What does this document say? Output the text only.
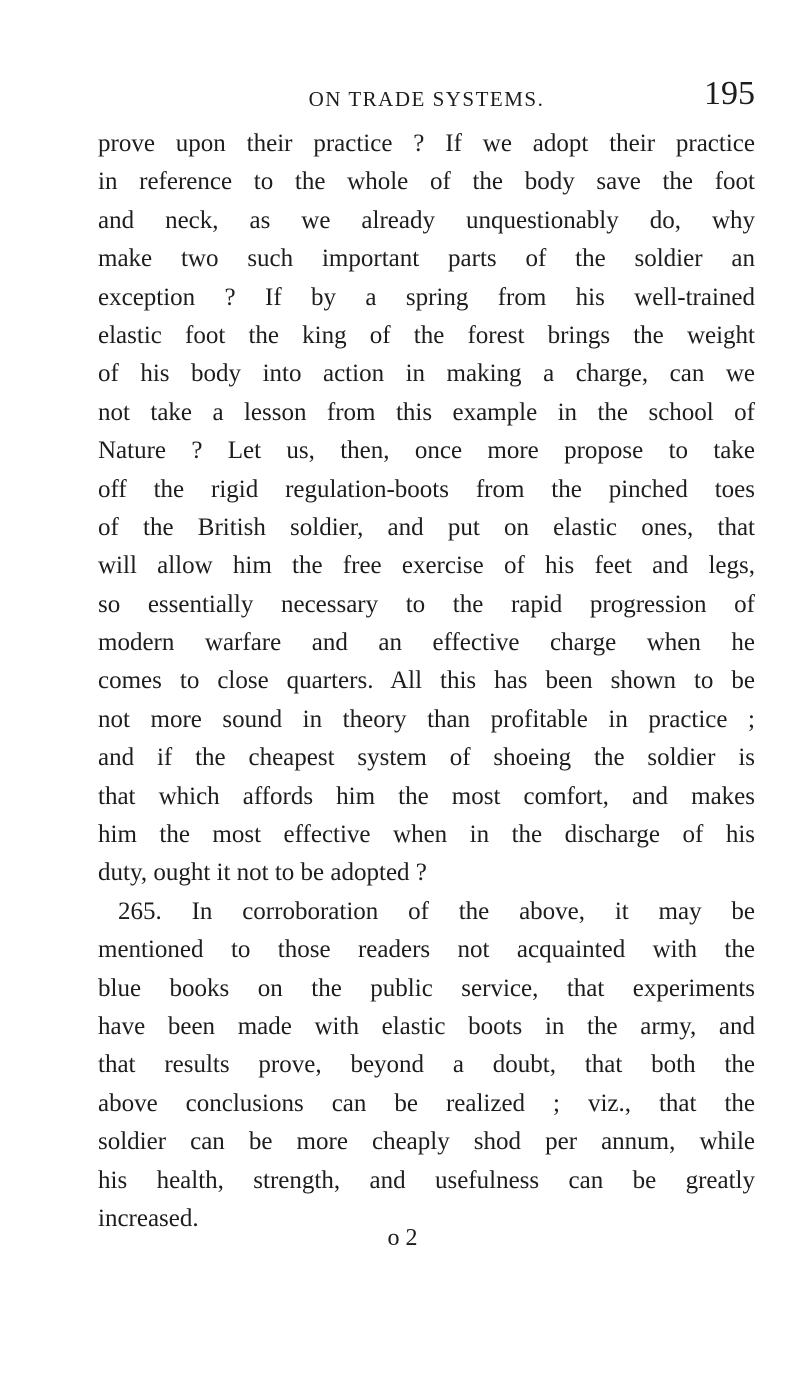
ON TRADE SYSTEMS.	195
prove upon their practice ? If we adopt their practice
in reference to the whole of the body save the foot
and neck, as we already unquestionably do, why
make two such important parts of the soldier an
exception ? If by a spring from his well-trained
elastic foot the king of the forest brings the weight
of his body into action in making a charge, can we
not take a lesson from this example in the school of
Nature ? Let us, then, once more propose to take
off the rigid regulation-boots from the pinched toes
of the British soldier, and put on elastic ones, that
will allow him the free exercise of his feet and legs,
so essentially necessary to the rapid progression of
modern warfare and an effective charge when he
comes to close quarters. All this has been shown to be
not more sound in theory than profitable in practice ;
and if the cheapest system of shoeing the soldier is
that which affords him the most comfort, and makes
him the most effective when in the discharge of his
duty, ought it not to be adopted ?
265. In corroboration of the above, it may be
mentioned to those readers not acquainted with the
blue books on the public service, that experiments
have been made with elastic boots in the army, and
that results prove, beyond a doubt, that both the
above conclusions can be realized ; viz., that the
soldier can be more cheaply shod per annum, while
his health, strength, and usefulness can be greatly
increased.
o 2
